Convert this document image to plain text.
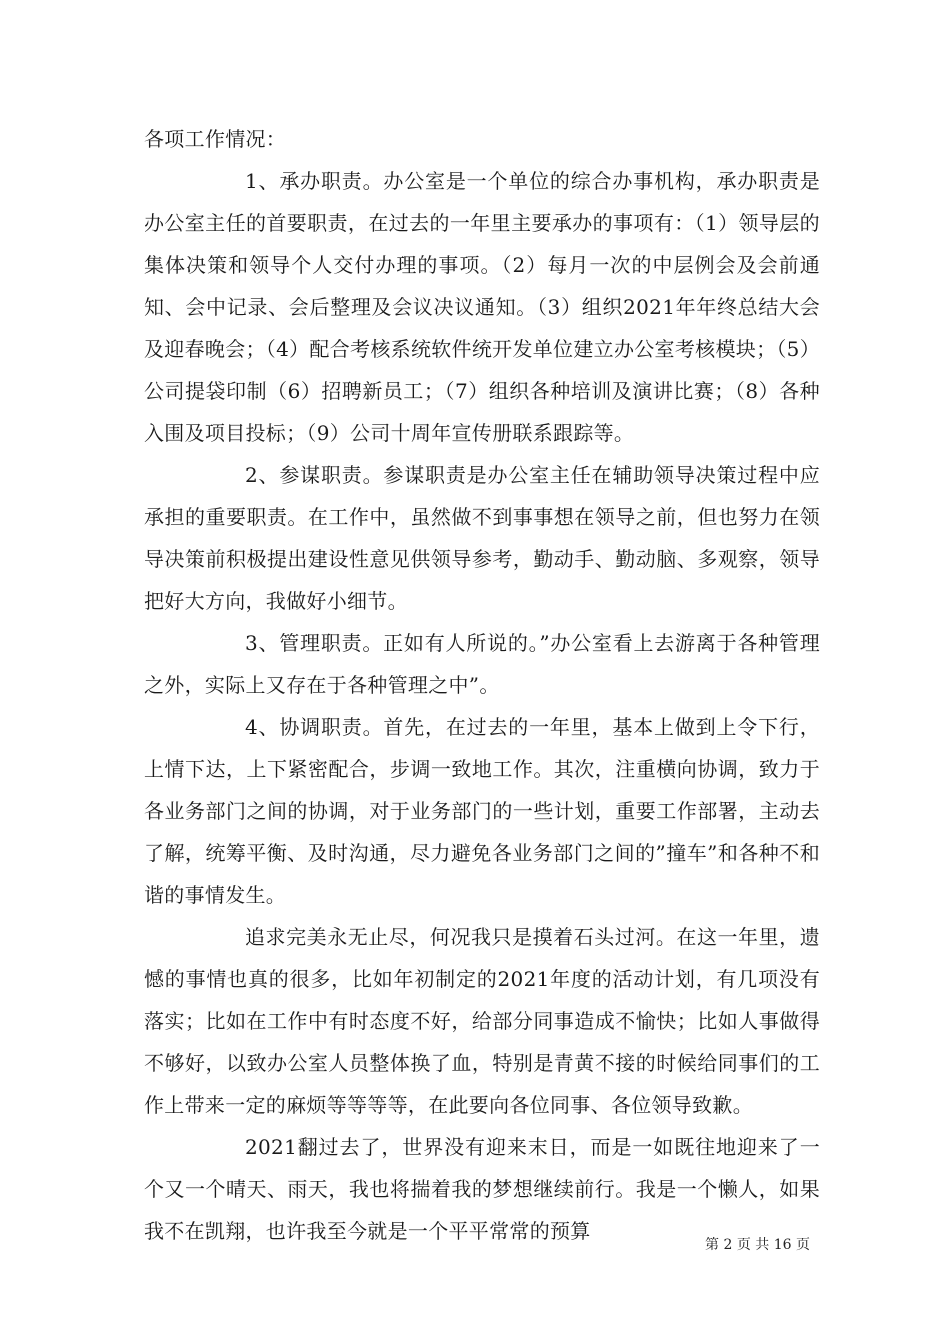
各项工作情况：

1、承办职责。办公室是一个单位的综合办事机构，承办职责是办公室主任的首要职责，在过去的一年里主要承办的事项有：（1）领导层的集体决策和领导个人交付办理的事项。（2）每月一次的中层例会及会前通知、会中记录、会后整理及会议决议通知。（3）组织2021年年终总结大会及迎春晚会；（4）配合考核系统软件统开发单位建立办公室考核模块；（5）公司提袋印制（6）招聘新员工；（7）组织各种培训及演讲比赛；（8）各种入围及项目投标；（9）公司十周年宣传册联系跟踪等。

2、参谋职责。参谋职责是办公室主任在辅助领导决策过程中应承担的重要职责。在工作中，虽然做不到事事想在领导之前，但也努力在领导决策前积极提出建设性意见供领导参考，勤动手、勤动脑、多观察，领导把好大方向，我做好小细节。

3、管理职责。正如有人所说的。”办公室看上去游离于各种管理之外，实际上又存在于各种管理之中”。

4、协调职责。首先，在过去的一年里，基本上做到上令下行，上情下达，上下紧密配合，步调一致地工作。其次，注重横向协调，致力于各业务部门之间的协调，对于业务部门的一些计划，重要工作部署，主动去了解，统筹平衡、及时沟通，尽力避免各业务部门之间的”撞车”和各种不和谐的事情发生。

追求完美永无止尽，何况我只是摸着石头过河。在这一年里，遗憾的事情也真的很多，比如年初制定的2021年度的活动计划，有几项没有落实；比如在工作中有时态度不好，给部分同事造成不愉快；比如人事做得不够好，以致办公室人员整体换了血，特别是青黄不接的时候给同事们的工作上带来一定的麻烦等等等等，在此要向各位同事、各位领导致歉。

2021翻过去了，世界没有迎来末日，而是一如既往地迎来了一个又一个晴天、雨天，我也将揣着我的梦想继续前行。我是一个懒人，如果我不在凯翔，也许我至今就是一个平平常常的预算

第 2 页 共 16 页
